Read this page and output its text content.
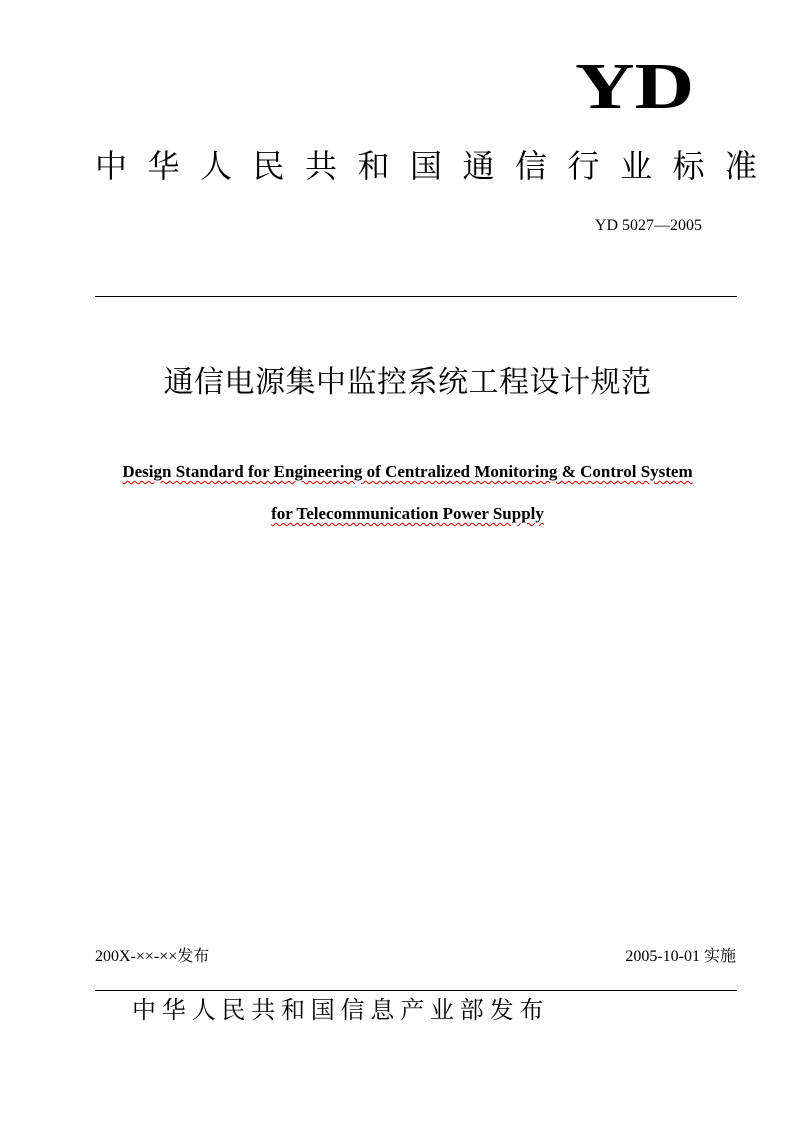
YD
中华人民共和国通信行业标准
YD 5027—2005
通信电源集中监控系统工程设计规范
Design Standard for Engineering of Centralized Monitoring & Control System
for Telecommunication Power Supply
200X-××-××发布	2005-10-01 实施
中华人民共和国信息产业部发布
